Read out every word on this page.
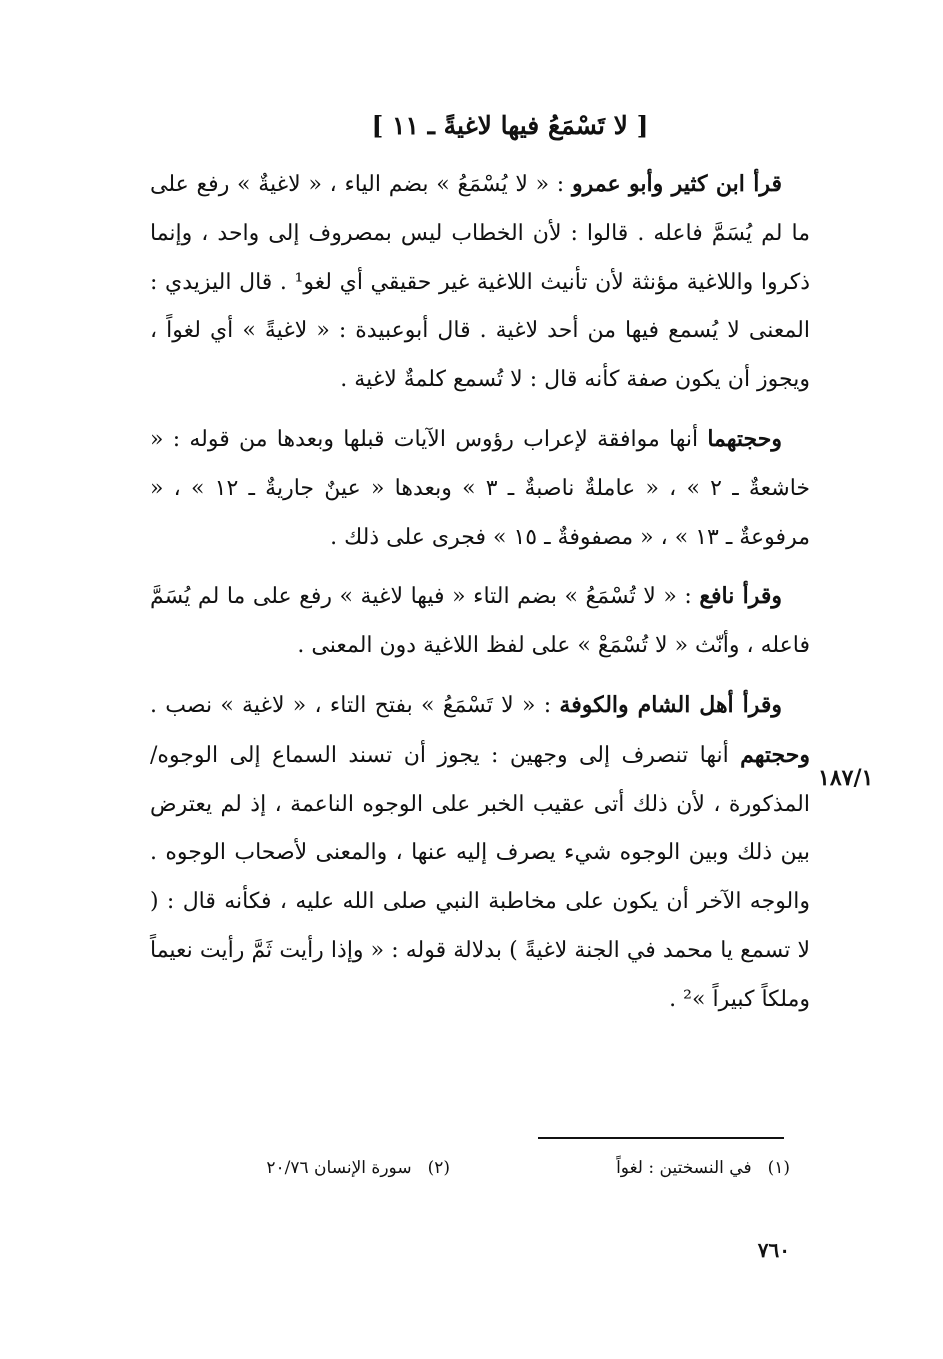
[ لا تَسْمَعُ فيها لاغيةً ـ ١١ ]

قرأ ابن كثير وأبو عمرو : « لا يُسْمَعُ » بضم الياء ، « لاغيةٌ » رفع على ما لم يُسَمَّ فاعله . قالوا : لأن الخطاب ليس بمصروف إلى واحد ، وإنما ذكروا واللاغية مؤنثة لأن تأنيث اللاغية غير حقيقي أي لغو¹ . قال اليزيدي : المعنى لا يُسمع فيها من أحد لاغية . قال أبوعبيدة : « لاغيةً » أي لغواً ، ويجوز أن يكون صفة كأنه قال : لا تُسمع كلمةٌ لاغية .

وحجتهما أنها موافقة لإعراب رؤوس الآيات قبلها وبعدها من قوله : « خاشعةٌ ـ ٢ » ، « عاملةٌ ناصبةٌ ـ ٣ » وبعدها « عينٌ جاريةٌ ـ ١٢ » ، « مرفوعةٌ ـ ١٣ » ، « مصفوفةٌ ـ ١٥ » فجرى على ذلك .

وقرأ نافع : « لا تُسْمَعُ » بضم التاء « فيها لاغية » رفع على ما لم يُسَمَّ فاعله ، وأنّث « لا تُسْمَعْ » على لفظ اللاغية دون المعنى .

وقرأ أهل الشام والكوفة : « لا تَسْمَعُ » بفتح التاء ، « لاغية » نصب . وحجتهم أنها تنصرف إلى وجهين : يجوز أن تسند السماع إلى الوجوه/المذكورة ، لأن ذلك أتى عقيب الخبر على الوجوه الناعمة ، إذ لم يعترض بين ذلك وبين الوجوه شيء يصرف إليه عنها ، والمعنى لأصحاب الوجوه . والوجه الآخر أن يكون على مخاطبة النبي صلى الله عليه ، فكأنه قال : ( لا تسمع يا محمد في الجنة لاغيةً ) بدلالة قوله : « وإذا رأيت ثَمَّ رأيت نعيماً وملكاً كبيراً »² .

١٨٧/١
(١)في النسختين : لغواً
(٢)سورة الإنسان ٢٠/٧٦
٧٦٠
